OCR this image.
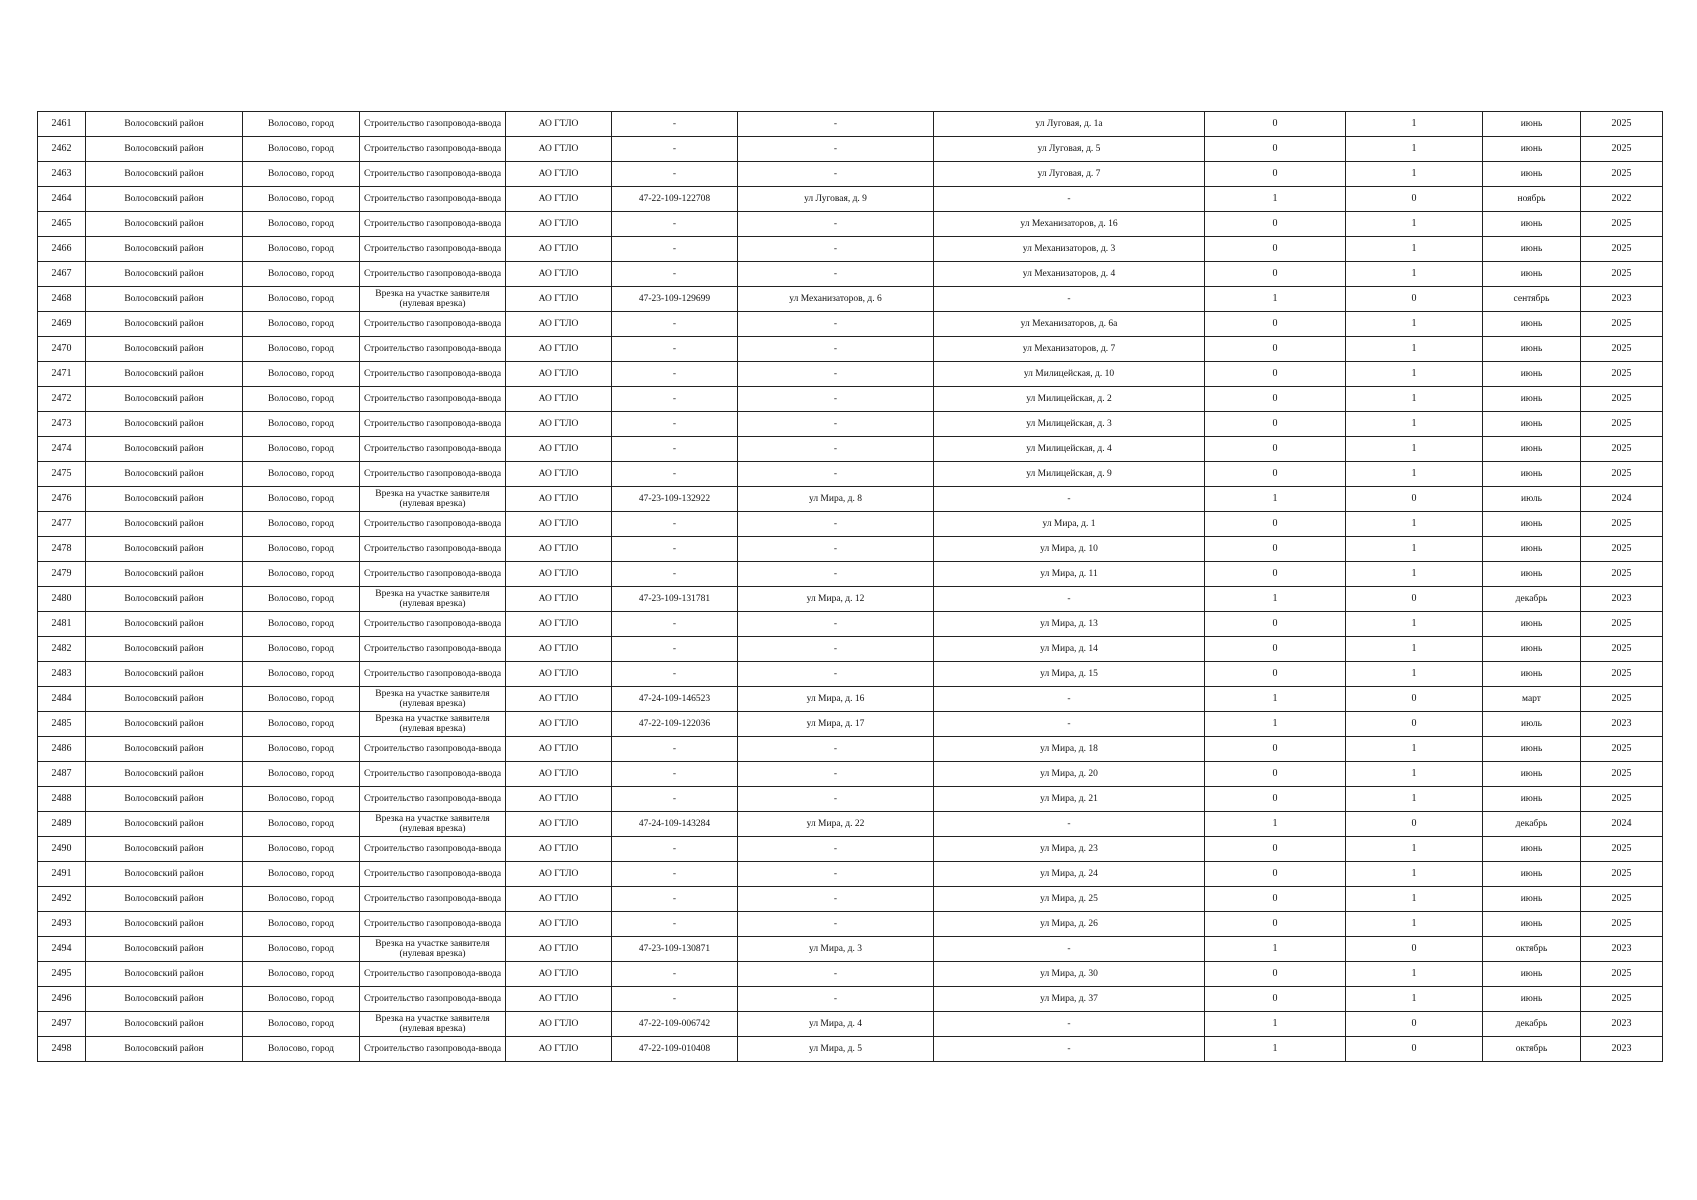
2461	Волосовский район	Волосово, город	Строительство газопровода-ввода	АО ГТЛО	-	-	ул Луговая, д. 1а	0	1	июнь	2025
2462	Волосовский район	Волосово, город	Строительство газопровода-ввода	АО ГТЛО	-	-	ул Луговая, д. 5	0	1	июнь	2025
2463	Волосовский район	Волосово, город	Строительство газопровода-ввода	АО ГТЛО	-	-	ул Луговая, д. 7	0	1	июнь	2025
2464	Волосовский район	Волосово, город	Строительство газопровода-ввода	АО ГТЛО	47-22-109-122708	ул Луговая, д. 9	-	1	0	ноябрь	2022
2465	Волосовский район	Волосово, город	Строительство газопровода-ввода	АО ГТЛО	-	-	ул Механизаторов, д. 16	0	1	июнь	2025
2466	Волосовский район	Волосово, город	Строительство газопровода-ввода	АО ГТЛО	-	-	ул Механизаторов, д. 3	0	1	июнь	2025
2467	Волосовский район	Волосово, город	Строительство газопровода-ввода	АО ГТЛО	-	-	ул Механизаторов, д. 4	0	1	июнь	2025
2468	Волосовский район	Волосово, город	Врезка на участке заявителя (нулевая врезка)	АО ГТЛО	47-23-109-129699	ул Механизаторов, д. 6	-	1	0	сентябрь	2023
2469	Волосовский район	Волосово, город	Строительство газопровода-ввода	АО ГТЛО	-	-	ул Механизаторов, д. 6а	0	1	июнь	2025
2470	Волосовский район	Волосово, город	Строительство газопровода-ввода	АО ГТЛО	-	-	ул Механизаторов, д. 7	0	1	июнь	2025
2471	Волосовский район	Волосово, город	Строительство газопровода-ввода	АО ГТЛО	-	-	ул Милицейская, д. 10	0	1	июнь	2025
2472	Волосовский район	Волосово, город	Строительство газопровода-ввода	АО ГТЛО	-	-	ул Милицейская, д. 2	0	1	июнь	2025
2473	Волосовский район	Волосово, город	Строительство газопровода-ввода	АО ГТЛО	-	-	ул Милицейская, д. 3	0	1	июнь	2025
2474	Волосовский район	Волосово, город	Строительство газопровода-ввода	АО ГТЛО	-	-	ул Милицейская, д. 4	0	1	июнь	2025
2475	Волосовский район	Волосово, город	Строительство газопровода-ввода	АО ГТЛО	-	-	ул Милицейская, д. 9	0	1	июнь	2025
2476	Волосовский район	Волосово, город	Врезка на участке заявителя (нулевая врезка)	АО ГТЛО	47-23-109-132922	ул Мира, д. 8	-	1	0	июль	2024
2477	Волосовский район	Волосово, город	Строительство газопровода-ввода	АО ГТЛО	-	-	ул Мира, д. 1	0	1	июнь	2025
2478	Волосовский район	Волосово, город	Строительство газопровода-ввода	АО ГТЛО	-	-	ул Мира, д. 10	0	1	июнь	2025
2479	Волосовский район	Волосово, город	Строительство газопровода-ввода	АО ГТЛО	-	-	ул Мира, д. 11	0	1	июнь	2025
2480	Волосовский район	Волосово, город	Врезка на участке заявителя (нулевая врезка)	АО ГТЛО	47-23-109-131781	ул Мира, д. 12	-	1	0	декабрь	2023
2481	Волосовский район	Волосово, город	Строительство газопровода-ввода	АО ГТЛО	-	-	ул Мира, д. 13	0	1	июнь	2025
2482	Волосовский район	Волосово, город	Строительство газопровода-ввода	АО ГТЛО	-	-	ул Мира, д. 14	0	1	июнь	2025
2483	Волосовский район	Волосово, город	Строительство газопровода-ввода	АО ГТЛО	-	-	ул Мира, д. 15	0	1	июнь	2025
2484	Волосовский район	Волосово, город	Врезка на участке заявителя (нулевая врезка)	АО ГТЛО	47-24-109-146523	ул Мира, д. 16	-	1	0	март	2025
2485	Волосовский район	Волосово, город	Врезка на участке заявителя (нулевая врезка)	АО ГТЛО	47-22-109-122036	ул Мира, д. 17	-	1	0	июль	2023
2486	Волосовский район	Волосово, город	Строительство газопровода-ввода	АО ГТЛО	-	-	ул Мира, д. 18	0	1	июнь	2025
2487	Волосовский район	Волосово, город	Строительство газопровода-ввода	АО ГТЛО	-	-	ул Мира, д. 20	0	1	июнь	2025
2488	Волосовский район	Волосово, город	Строительство газопровода-ввода	АО ГТЛО	-	-	ул Мира, д. 21	0	1	июнь	2025
2489	Волосовский район	Волосово, город	Врезка на участке заявителя (нулевая врезка)	АО ГТЛО	47-24-109-143284	ул Мира, д. 22	-	1	0	декабрь	2024
2490	Волосовский район	Волосово, город	Строительство газопровода-ввода	АО ГТЛО	-	-	ул Мира, д. 23	0	1	июнь	2025
2491	Волосовский район	Волосово, город	Строительство газопровода-ввода	АО ГТЛО	-	-	ул Мира, д. 24	0	1	июнь	2025
2492	Волосовский район	Волосово, город	Строительство газопровода-ввода	АО ГТЛО	-	-	ул Мира, д. 25	0	1	июнь	2025
2493	Волосовский район	Волосово, город	Строительство газопровода-ввода	АО ГТЛО	-	-	ул Мира, д. 26	0	1	июнь	2025
2494	Волосовский район	Волосово, город	Врезка на участке заявителя (нулевая врезка)	АО ГТЛО	47-23-109-130871	ул Мира, д. 3	-	1	0	октябрь	2023
2495	Волосовский район	Волосово, город	Строительство газопровода-ввода	АО ГТЛО	-	-	ул Мира, д. 30	0	1	июнь	2025
2496	Волосовский район	Волосово, город	Строительство газопровода-ввода	АО ГТЛО	-	-	ул Мира, д. 37	0	1	июнь	2025
2497	Волосовский район	Волосово, город	Врезка на участке заявителя (нулевая врезка)	АО ГТЛО	47-22-109-006742	ул Мира, д. 4	-	1	0	декабрь	2023
2498	Волосовский район	Волосово, город	Строительство газопровода-ввода	АО ГТЛО	47-22-109-010408	ул Мира, д. 5	-	1	0	октябрь	2023
